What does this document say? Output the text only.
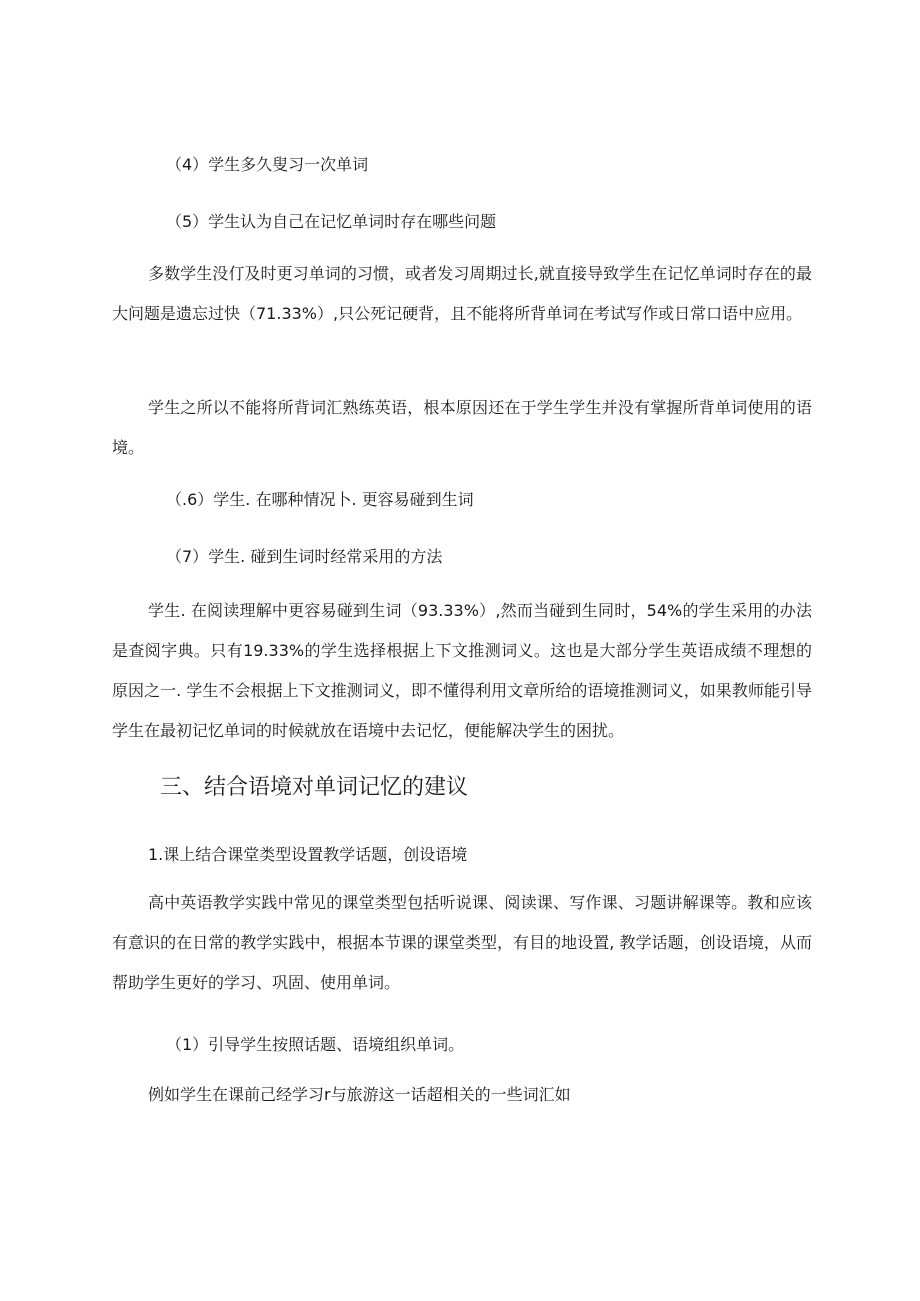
（4）学生多久叟习一次单词
（5）学生认为自己在记忆单词时存在哪些问题
多数学生没仃及时更习单词的习惯，或者发习周期过长,就直接导致学生在记忆单词时存在的最大问题是遗忘过快（71.33%）,只公死记硬背，且不能将所背单词在考试写作或日常口语中应用。
学生之所以不能将所背词汇熟练英语，根本原因还在于学生学生并没有掌握所背单词使用的语境。
（.6）学生. 在哪种情况卜. 更容易碰到生词
（7）学生. 碰到生词时经常采用的方法
学生. 在阅读理解中更容易碰到生词（93.33%）,然而当碰到生同时，54%的学生采用的办法是查阅字典。只有19.33%的学生选择根据上下文推测词义。这也是大部分学生英语成绩不理想的原因之一. 学生不会根据上下文推测词义，即不懂得利用文章所给的语境推测词义，如果教师能引导学生在最初记忆单词的时候就放在语境中去记忆，便能解决学生的困扰。
三、结合语境对单词记忆的建议
1.课上结合课堂类型设置教学话题，创设语境
高中英语教学实践中常见的课堂类型包括听说课、阅读课、写作课、习题讲解课等。教和应该有意识的在日常的教学实践中，根据本节课的课堂类型，有目的地设置, 教学话题，创设语境，从而帮助学生更好的学习、巩固、使用单词。
（1）引导学生按照话题、语境组织单词。
例如学生在课前己经学习r与旅游这一话超相关的一些词汇如
